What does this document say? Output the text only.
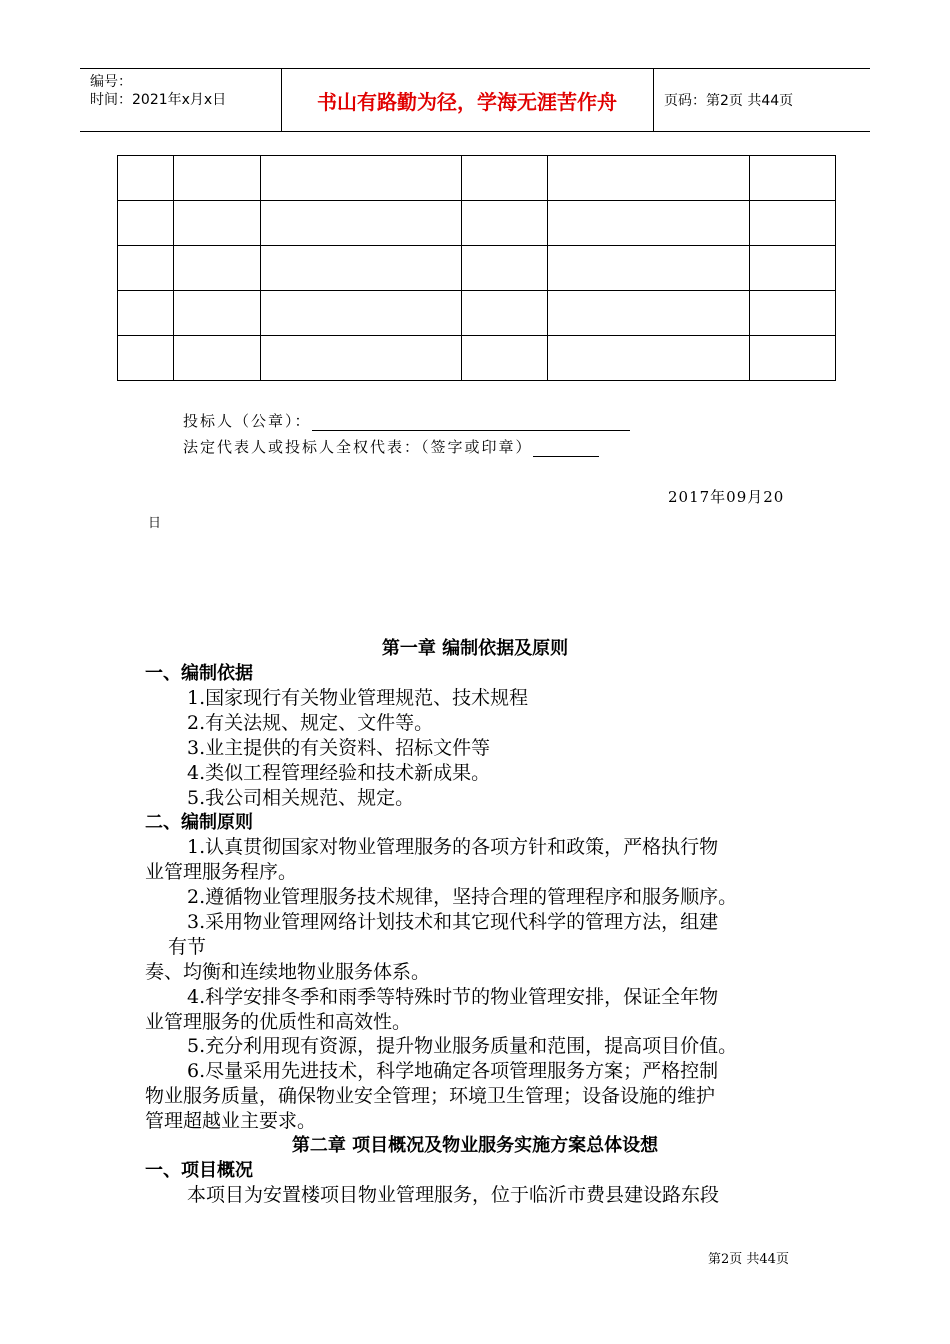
编号：
时间：2021年x月x日	书山有路勤为径，学海无涯苦作舟	页码：第2页 共44页

投标人（公章）：
法定代表人或投标人全权代表：（签字或印章）
2017年09月20
日
第一章 编制依据及原则
一、编制依据
1.国家现行有关物业管理规范、技术规程
2.有关法规、规定、文件等。
3.业主提供的有关资料、招标文件等
4.类似工程管理经验和技术新成果。
5.我公司相关规范、规定。
二、编制原则
1.认真贯彻国家对物业管理服务的各项方针和政策，严格执行物
业管理服务程序。
2.遵循物业管理服务技术规律，坚持合理的管理程序和服务顺序。
3.采用物业管理网络计划技术和其它现代科学的管理方法，组建
有节
奏、均衡和连续地物业服务体系。
4.科学安排冬季和雨季等特殊时节的物业管理安排，保证全年物
业管理服务的优质性和高效性。
5.充分利用现有资源，提升物业服务质量和范围，提高项目价值。
6.尽量采用先进技术，科学地确定各项管理服务方案；严格控制
物业服务质量，确保物业安全管理；环境卫生管理；设备设施的维护
管理超越业主要求。
第二章 项目概况及物业服务实施方案总体设想
一、项目概况
本项目为安置楼项目物业管理服务，位于临沂市费县建设路东段
第2页 共44页
